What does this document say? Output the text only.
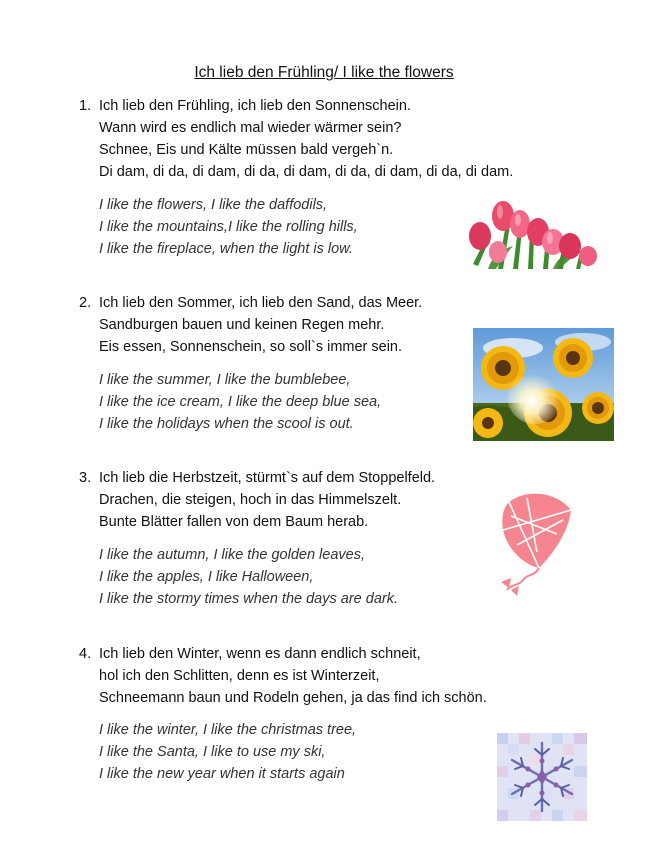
Ich lieb den Frühling/ I like the flowers
1. Ich lieb den Frühling, ich lieb den Sonnenschein.
Wann wird es endlich mal wieder wärmer sein?
Schnee, Eis und Kälte müssen bald vergeh`n.
Di dam, di da, di dam, di da, di dam, di da, di dam, di da, di dam.
I like the flowers, I like the daffodils,
I like the mountains,I like the rolling hills,
I like the fireplace, when the light is low.
2. Ich lieb den Sommer, ich lieb den Sand, das Meer.
Sandburgen bauen und keinen Regen mehr.
Eis essen, Sonnenschein, so soll`s immer sein.
I like the summer, I like the bumblebee,
I like the ice cream, I like the deep blue sea,
I like the holidays when the scool is out.
3. Ich lieb die Herbstzeit, stürmt`s auf dem Stoppelfeld.
Drachen, die steigen, hoch in das Himmelszelt.
Bunte Blätter fallen von dem Baum herab.
I like the autumn, I like the golden leaves,
I like the apples, I like Halloween,
I like the stormy times when the days are dark.
4. Ich lieb den Winter, wenn es dann endlich schneit,
hol ich den Schlitten, denn es ist Winterzeit,
Schneemann baun und Rodeln gehen, ja das find ich schön.
I like the winter, I like the christmas tree,
I like the Santa, I like to use my ski,
I like the new year when it starts again
